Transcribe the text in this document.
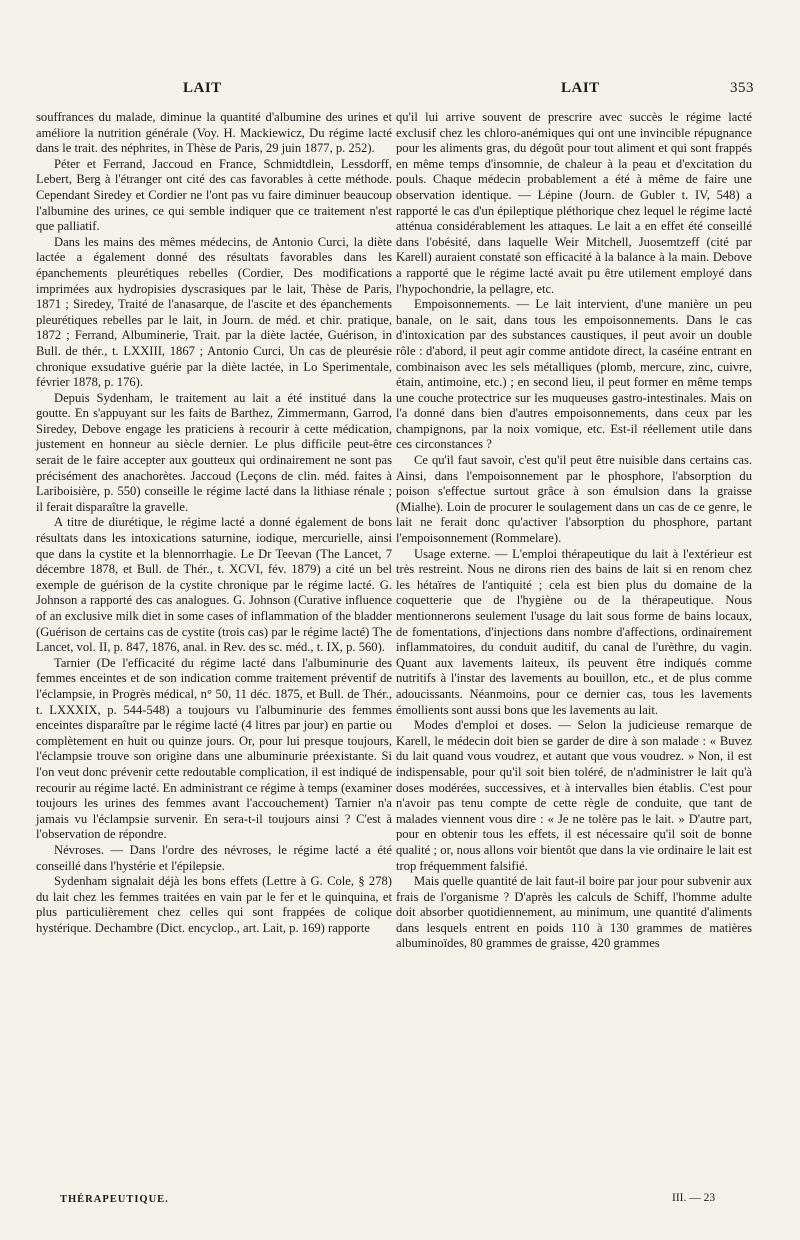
LAIT	LAIT	353

souffrances du malade, diminue la quantité d'albumine des urines et améliore la nutrition générale (Voy. H. Mackiewicz, Du régime lacté dans le trait. des néphrites, in Thèse de Paris, 29 juin 1877, p. 252).

Péter et Ferrand, Jaccoud en France, Schmidtdlein, Lessdorff, Lebert, Berg à l'étranger ont cité des cas favorables à cette méthode. Cependant Siredey et Cordier ne l'ont pas vu faire diminuer beaucoup l'albumine des urines, ce qui semble indiquer que ce traitement n'est que palliatif.

Dans les mains des mêmes médecins, de Antonio Curci, la diète lactée a également donné des résultats favorables dans les épanchements pleurétiques rebelles (Cordier, Des modifications imprimées aux hydropisies dyscrasiques par le lait, Thèse de Paris, 1871 ; Siredey, Traité de l'anasarque, de l'ascite et des épanchements pleurétiques rebelles par le lait, in Journ. de méd. et chir. pratique, 1872 ; Ferrand, Albuminerie, Trait. par la diète lactée, Guérison, in Bull. de thér., t. LXXIII, 1867 ; Antonio Curci, Un cas de pleurésie chronique exsudative guérie par la diète lactée, in Lo Sperimentale, février 1878, p. 176).

Depuis Sydenham, le traitement au lait a été institué dans la goutte. En s'appuyant sur les faits de Barthez, Zimmermann, Garrod, Siredey, Debove engage les praticiens à recourir à cette médication, justement en honneur au siècle dernier. Le plus difficile peut-être serait de le faire accepter aux goutteux qui ordinairement ne sont pas précisément des anachorètes. Jaccoud (Leçons de clin. méd. faites à Lariboisière, p. 550) conseille le régime lacté dans la lithiase rénale ; il ferait disparaître la gravelle.

A titre de diurétique, le régime lacté a donné également de bons résultats dans les intoxications saturnine, iodique, mercurielle, ainsi que dans la cystite et la blennorrhagie. Le Dr Teevan (The Lancet, 7 décembre 1878, et Bull. de Thér., t. XCVI, fév. 1879) a cité un bel exemple de guérison de la cystite chronique par le régime lacté. G. Johnson a rapporté des cas analogues. G. Johnson (Curative influence of an exclusive milk diet in some cases of inflammation of the bladder (Guérison de certains cas de cystite (trois cas) par le régime lacté) The Lancet, vol. II, p. 847, 1876, anal. in Rev. des sc. méd., t. IX, p. 560).

Tarnier (De l'efficacité du régime lacté dans l'albuminurie des femmes enceintes et de son indication comme traitement préventif de l'éclampsie, in Progrès médical, n° 50, 11 déc. 1875, et Bull. de Thér., t. LXXXIX, p. 544-548) a toujours vu l'albuminurie des femmes enceintes disparaître par le régime lacté (4 litres par jour) en partie ou complètement en huit ou quinze jours. Or, pour lui presque toujours, l'éclampsie trouve son origine dans une albuminurie préexistante. Si l'on veut donc prévenir cette redoutable complication, il est indiqué de recourir au régime lacté. En administrant ce régime à temps (examiner toujours les urines des femmes avant l'accouchement) Tarnier n'a jamais vu l'éclampsie survenir. En sera-t-il toujours ainsi ? C'est à l'observation de répondre.

Névroses. — Dans l'ordre des névroses, le régime lacté a été conseillé dans l'hystérie et l'épilepsie.

Sydenham signalait déjà les bons effets (Lettre à G. Cole, § 278) du lait chez les femmes traitées en vain par le fer et le quinquina, et plus particulièrement chez celles qui sont frappées de colique hystérique. Dechambre (Dict. encyclop., art. Lait, p. 169) rapporte

qu'il lui arrive souvent de prescrire avec succès le régime lacté exclusif chez les chloro-anémiques qui ont une invincible répugnance pour les aliments gras, du dégoût pour tout aliment et qui sont frappés en même temps d'insomnie, de chaleur à la peau et d'excitation du pouls. Chaque médecin probablement a été à même de faire une observation identique. — Lépine (Journ. de Gubler t. IV, 548) a rapporté le cas d'un épileptique pléthorique chez lequel le régime lacté atténua considérablement les attaques. Le lait a en effet été conseillé dans l'obésité, dans laquelle Weir Mitchell, Juosemtzeff (cité par Karell) auraient constaté son efficacité à la balance à la main. Debove a rapporté que le régime lacté avait pu être utilement employé dans l'hypochondrie, la pellagre, etc.

Empoisonnements. — Le lait intervient, d'une manière un peu banale, on le sait, dans tous les empoisonnements. Dans le cas d'intoxication par des substances caustiques, il peut avoir un double rôle : d'abord, il peut agir comme antidote direct, la caséine entrant en combinaison avec les sels métalliques (plomb, mercure, zinc, cuivre, étain, antimoine, etc.) ; en second lieu, il peut former en même temps une couche protectrice sur les muqueuses gastro-intestinales. Mais on l'a donné dans bien d'autres empoisonnements, dans ceux par les champignons, par la noix vomique, etc. Est-il réellement utile dans ces circonstances ?

Ce qu'il faut savoir, c'est qu'il peut être nuisible dans certains cas. Ainsi, dans l'empoisonnement par le phosphore, l'absorption du poison s'effectue surtout grâce à son émulsion dans la graisse (Mialhe). Loin de procurer le soulagement dans un cas de ce genre, le lait ne ferait donc qu'activer l'absorption du phosphore, partant l'empoisonnement (Rommelare).

Usage externe. — L'emploi thérapeutique du lait à l'extérieur est très restreint. Nous ne dirons rien des bains de lait si en renom chez les hétaïres de l'antiquité ; cela est bien plus du domaine de la coquetterie que de l'hygiène ou de la thérapeutique. Nous mentionnerons seulement l'usage du lait sous forme de bains locaux, de fomentations, d'injections dans nombre d'affections, ordinairement inflammatoires, du conduit auditif, du canal de l'urèthre, du vagin. Quant aux lavements laiteux, ils peuvent être indiqués comme nutritifs à l'instar des lavements au bouillon, etc., et de plus comme adoucissants. Néanmoins, pour ce dernier cas, tous les lavements émollients sont aussi bons que les lavements au lait.

Modes d'emploi et doses. — Selon la judicieuse remarque de Karell, le médecin doit bien se garder de dire à son malade : « Buvez du lait quand vous voudrez, et autant que vous voudrez. » Non, il est indispensable, pour qu'il soit bien toléré, de n'administrer le lait qu'à doses modérées, successives, et à intervalles bien établis. C'est pour n'avoir pas tenu compte de cette règle de conduite, que tant de malades viennent vous dire : « Je ne tolère pas le lait. » D'autre part, pour en obtenir tous les effets, il est nécessaire qu'il soit de bonne qualité ; or, nous allons voir bientôt que dans la vie ordinaire le lait est trop fréquemment falsifié.

Mais quelle quantité de lait faut-il boire par jour pour subvenir aux frais de l'organisme ? D'après les calculs de Schiff, l'homme adulte doit absorber quotidiennement, au minimum, une quantité d'aliments dans lesquels entrent en poids 110 à 130 grammes de matières albuminoïdes, 80 grammes de graisse, 420 grammes

THÉRAPEUTIQUE.	III. — 23
